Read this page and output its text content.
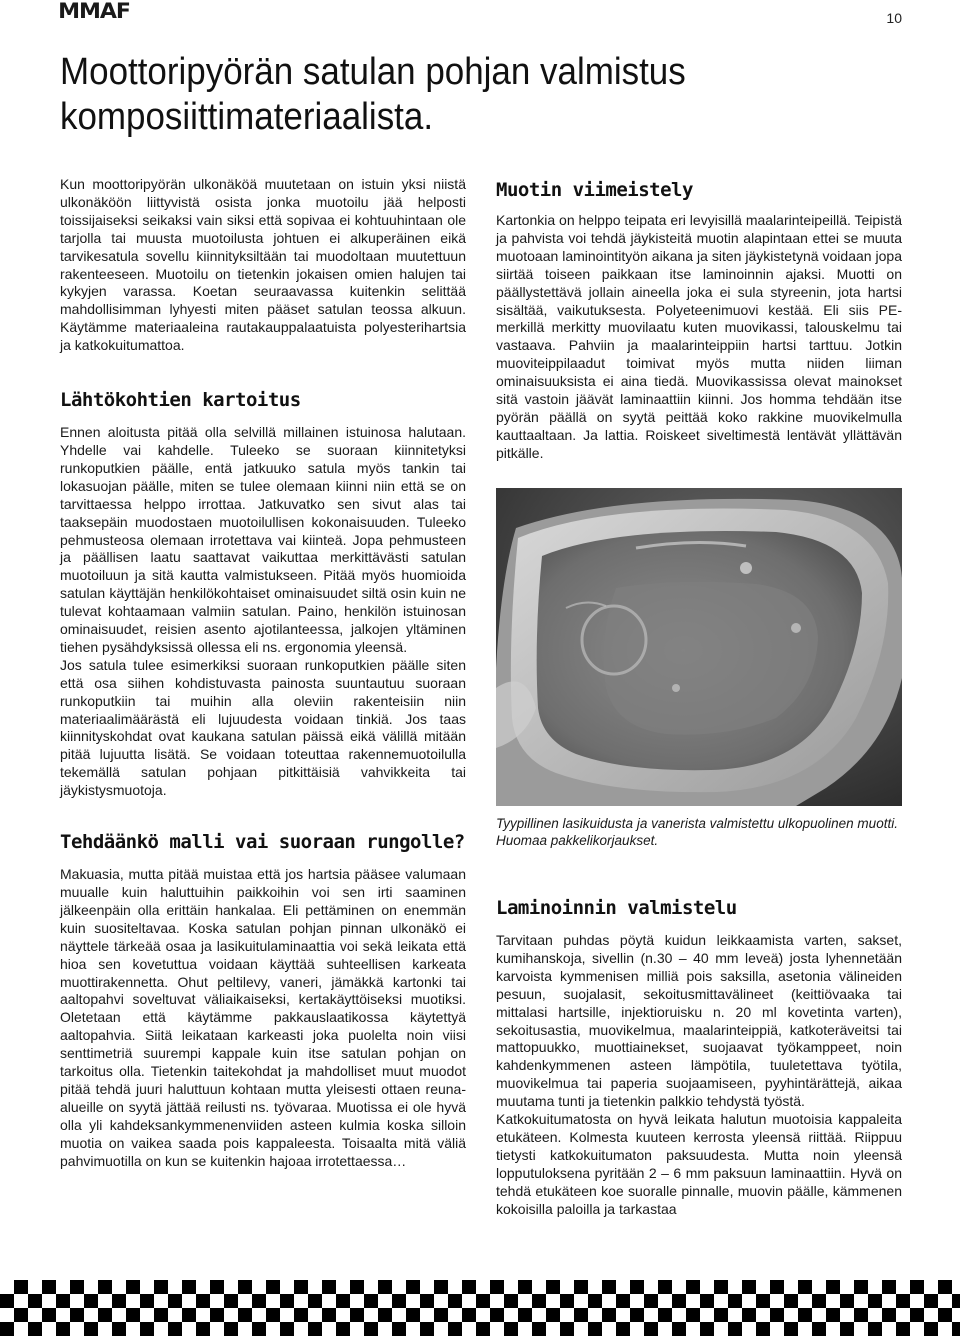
MMAF	10
Moottoripyörän satulan pohjan valmistus komposiittimateriaalista.

Kun moottoripyörän ulkonäköä muutetaan on istuin yksi niistä ulkonäköön liittyvistä osista jonka muotoilu jää helposti toissijaiseksi seikaksi vain siksi että sopivaa ei kohtuuhintaan ole tarjolla tai muusta muotoilusta johtuen ei alkuperäinen eikä tarvikesatula sovellu kiinnityksiltään tai muodoltaan muutettuun rakenteeseen. Muotoilu on tietenkin jokaisen omien halujen tai kykyjen varassa. Koetan seuraavassa kuitenkin selittää mahdollisimman lyhyesti miten pääset satulan teossa alkuun. Käytämme materiaaleina rautakauppalaatuista polyesterihartsia ja katkokuitumattoa.

Lähtökohtien kartoitus

Ennen aloitusta pitää olla selvillä millainen istuinosa halutaan. Yhdelle vai kahdelle. Tuleeko se suoraan kiinnitetyksi runkoputkien päälle, entä jatkuuko satula myös tankin tai lokasuojan päälle, miten se tulee olemaan kiinni niin että se on tarvittaessa helppo irrottaa. Jatkuvatko sen sivut alas tai taaksepäin muodostaen muotoilullisen kokonaisuuden. Tuleeko pehmusteosa olemaan irrotettava vai kiinteä. Jopa pehmusteen ja päällisen laatu saattavat vaikuttaa merkittävästi satulan muotoiluun ja sitä kautta valmistukseen. Pitää myös huomioida satulan käyttäjän henkilökohtaiset ominaisuudet siltä osin kuin ne tulevat kohtaamaan valmiin satulan. Paino, henkilön istuinosan ominaisuudet, reisien asento ajotilanteessa, jalkojen yltäminen tiehen pysähdyksissä ollessa eli ns. ergonomia yleensä.

Jos satula tulee esimerkiksi suoraan runkoputkien päälle siten että osa siihen kohdistuvasta painosta suuntautuu suoraan runkoputkiin tai muihin alla oleviin rakenteisiin niin materiaalimäärästä eli lujuudesta voidaan tinkiä. Jos taas kiinnityskohdat ovat kaukana satulan päissä eikä välillä mitään pitää lujuutta lisätä. Se voidaan toteuttaa rakennemuotoilulla tekemällä satulan pohjaan pitkittäisiä vahvikkeita tai jäykistysmuotoja.

Tehdäänkö malli vai suoraan rungolle?

Makuasia, mutta pitää muistaa että jos hartsia pääsee valumaan muualle kuin haluttuihin paikkoihin voi sen irti saaminen jälkeenpäin olla erittäin hankalaa. Eli pettäminen on enemmän kuin suositeltavaa. Koska satulan pohjan pinnan ulkonäkö ei näyttele tärkeää osaa ja lasikuitulaminaattia voi sekä leikata että hioa sen kovetuttua voidaan käyttää suhteellisen karkeata muottirakennetta. Ohut peltilevy, vaneri, jämäkkä kartonki tai aaltopahvi soveltuvat väliaikaiseksi, kertakäyttöiseksi muotiksi. Oletetaan että käytämme pakkauslaatikossa käytettyä aaltopahvia. Siitä leikataan karkeasti joka puolelta noin viisi senttimetriä suurempi kappale kuin itse satulan pohjan on tarkoitus olla. Tietenkin taitekohdat ja mahdolliset muut muodot pitää tehdä juuri haluttuun kohtaan mutta yleisesti ottaen reuna-alueille on syytä jättää reilusti ns. työvaraa. Muotissa ei ole hyvä olla yli kahdeksankymmenenviiden asteen kulmia koska silloin muotia on vaikea saada pois kappaleesta. Toisaalta mitä väliä pahvimuotilla on kun se kuitenkin hajoaa irrotettaessa…

Muotin viimeistely

Kartonkia on helppo teipata eri levyisillä maalarinteipeillä. Teipistä ja pahvista voi tehdä jäykisteitä muotin alapintaan ettei se muuta muotoaan laminointityön aikana ja siten jäykistetynä voidaan jopa siirtää toiseen paikkaan itse laminoinnin ajaksi. Muotti on päällystettävä jollain aineella joka ei sula styreenin, jota hartsi sisältää, vaikutuksesta. Polyeteenimuovi kestää. Eli siis PE-merkillä merkitty muovilaatu kuten muovikassi, talouskelmu tai vastaava. Pahviin ja maalarinteippiin hartsi tarttuu. Jotkin muoviteippilaadut toimivat myös mutta niiden liiman ominaisuuksista ei aina tiedä. Muovikassissa olevat mainokset sitä vastoin jäävät laminaattiin kiinni. Jos homma tehdään itse pyörän päällä on syytä peittää koko rakkine muovikelmulla kauttaaltaan. Ja lattia. Roiskeet siveltimestä lentävät yllättävän pitkälle.

Tyypillinen lasikuidusta ja vanerista valmistettu ulkopuolinen muotti. Huomaa pakkelikorjaukset.

Laminoinnin valmistelu

Tarvitaan puhdas pöytä kuidun leikkaamista varten, sakset, kumihanskoja, sivellin (n.30 – 40 mm leveä) josta lyhennetään karvoista kymmenisen milliä pois saksilla, asetonia välineiden pesuun, suojalasit, sekoitusmittavälineet (keittiövaaka tai mittalasi hartsille, injektioruisku n. 20 ml kovetinta varten), sekoitusastia, muovikelmua, maalarinteippiä, katkoteräveitsi tai mattopuukko, muottiainekset, suojaavat työkamppeet, noin kahdenkymmenen asteen lämpötila, tuuletettava työtila, muovikelmua tai paperia suojaamiseen, pyyhintärättejä, aikaa muutama tunti ja tietenkin palkkio tehdystä työstä.

Katkokuitumatosta on hyvä leikata halutun muotoisia kappaleita etukäteen. Kolmesta kuuteen kerrosta yleensä riittää. Riippuu tietysti katkokuitumaton paksuudesta. Mutta noin yleensä lopputuloksena pyritään 2 – 6 mm paksuun laminaattiin. Hyvä on tehdä etukäteen koe suoralle pinnalle, muovin päälle, kämmenen kokoisilla paloilla ja tarkastaa
